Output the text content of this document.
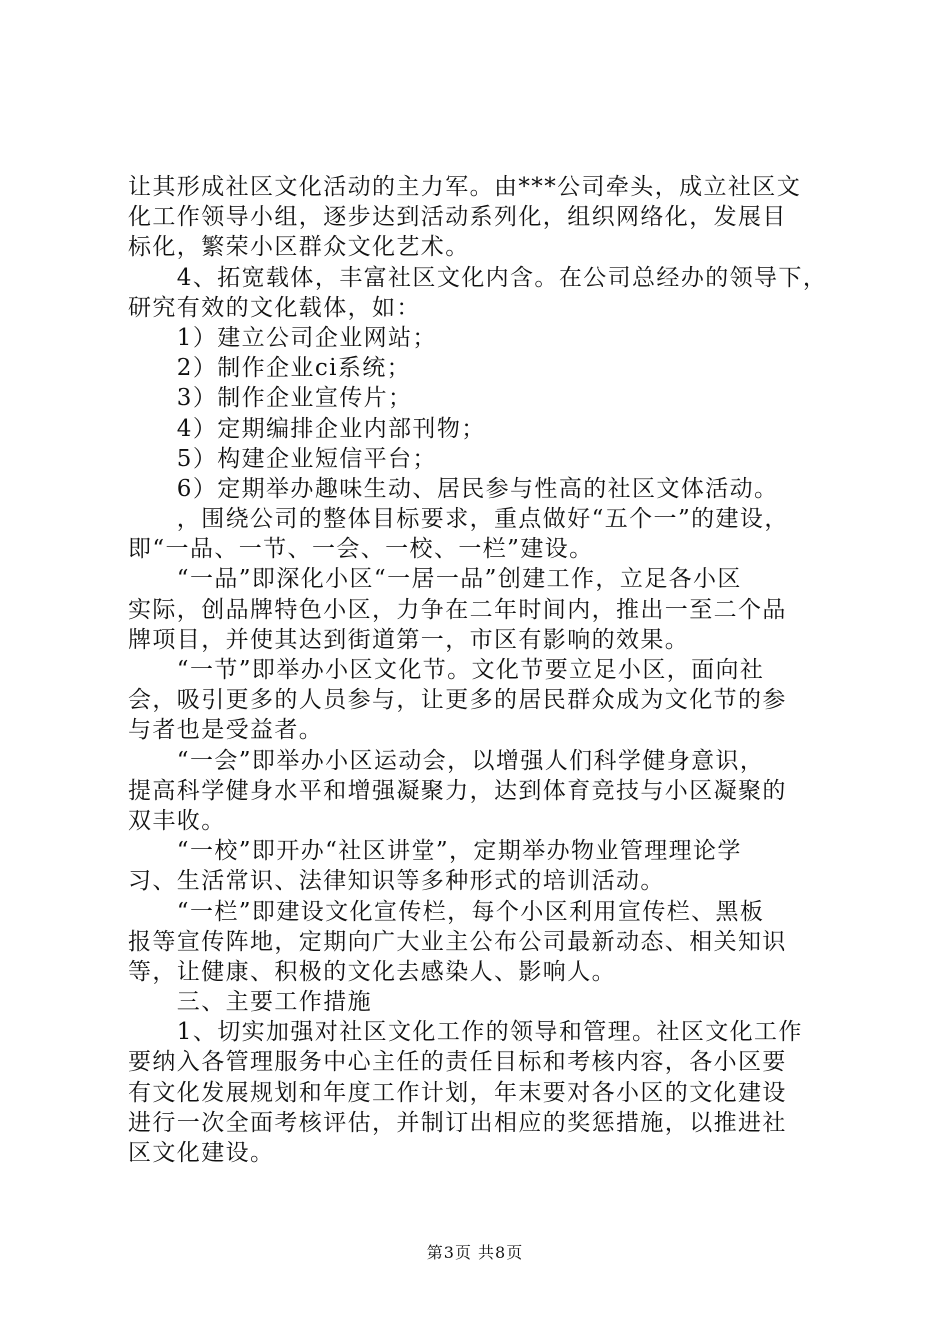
让其形成社区文化活动的主力军。由***公司牵头，成立社区文
化工作领导小组，逐步达到活动系列化，组织网络化，发展目
标化，繁荣小区群众文化艺术。
　　4、拓宽载体，丰富社区文化内含。在公司总经办的领导下，
研究有效的文化载体，如：
　　1）建立公司企业网站；
　　2）制作企业ci系统；
　　3）制作企业宣传片；
　　4）定期编排企业内部刊物；
　　5）构建企业短信平台；
　　6）定期举办趣味生动、居民参与性高的社区文体活动。
　　，围绕公司的整体目标要求，重点做好“五个一”的建设，
即“一品、一节、一会、一校、一栏”建设。
　　“一品”即深化小区“一居一品”创建工作，立足各小区
实际，创品牌特色小区，力争在二年时间内，推出一至二个品
牌项目，并使其达到街道第一，市区有影响的效果。
　　“一节”即举办小区文化节。文化节要立足小区，面向社
会，吸引更多的人员参与，让更多的居民群众成为文化节的参
与者也是受益者。
　　“一会”即举办小区运动会，以增强人们科学健身意识，
提高科学健身水平和增强凝聚力，达到体育竞技与小区凝聚的
双丰收。
　　“一校”即开办“社区讲堂”，定期举办物业管理理论学
习、生活常识、法律知识等多种形式的培训活动。
　　“一栏”即建设文化宣传栏，每个小区利用宣传栏、黑板
报等宣传阵地，定期向广大业主公布公司最新动态、相关知识
等，让健康、积极的文化去感染人、影响人。
　　三、主要工作措施
　　1、切实加强对社区文化工作的领导和管理。社区文化工作
要纳入各管理服务中心主任的责任目标和考核内容，各小区要
有文化发展规划和年度工作计划，年末要对各小区的文化建设
进行一次全面考核评估，并制订出相应的奖惩措施，以推进社
区文化建设。
第3页 共8页
